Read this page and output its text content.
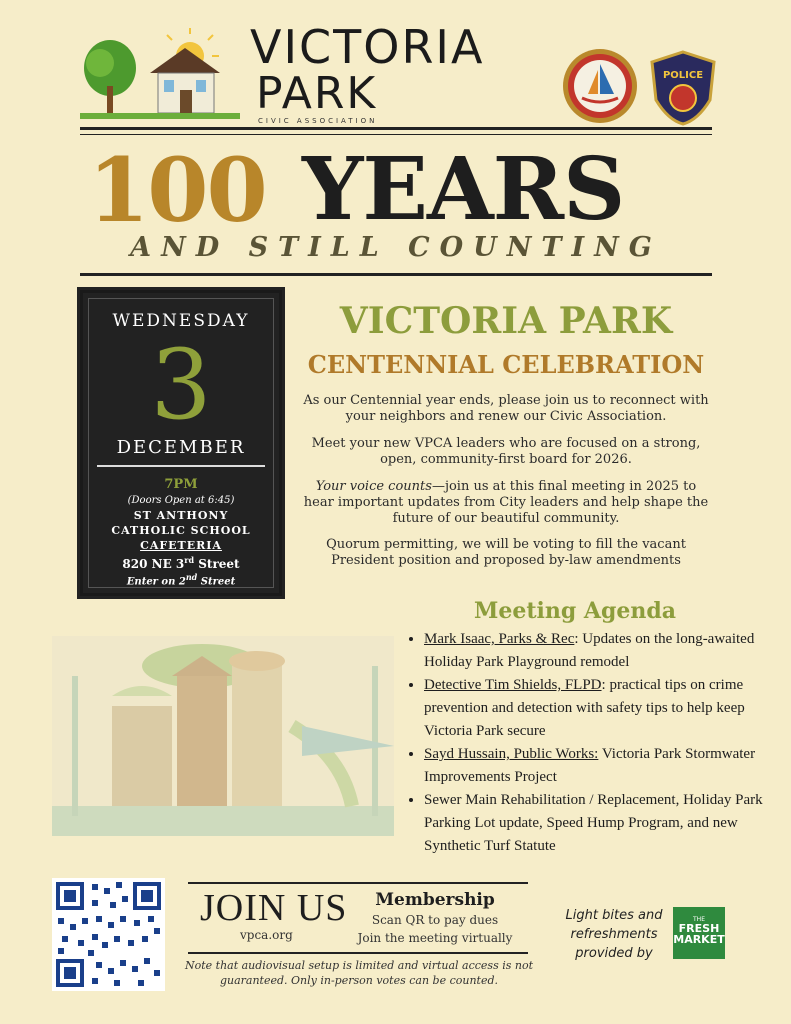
VICTORIA
PARK
CIVIC ASSOCIATION
POLICE
100 YEARS
AND STILL COUNTING
WEDNESDAY
3
DECEMBER
7PM
(Doors Open at 6:45)
ST ANTHONY
CATHOLIC SCHOOL
CAFETERIA
820 NE 3rd Street
Enter on 2nd Street
VICTORIA PARK
CENTENNIAL CELEBRATION
As our Centennial year ends, please join us to reconnect with your neighbors and renew our Civic Association.
Meet your new VPCA leaders who are focused on a strong, open, community-first board for 2026.
Your voice counts—join us at this final meeting in 2025 to hear important updates from City leaders and help shape the future of our beautiful community.
Quorum permitting, we will be voting to fill the vacant President position and proposed by-law amendments
Meeting Agenda
• Mark Isaac, Parks & Rec: Updates on the long-awaited Holiday Park Playground remodel
• Detective Tim Shields, FLPD: practical tips on crime prevention and detection with safety tips to help keep Victoria Park secure
• Sayd Hussain, Public Works: Victoria Park Stormwater Improvements Project
• Sewer Main Rehabilitation / Replacement, Holiday Park Parking Lot update, Speed Hump Program, and new Synthetic Turf Statute
JOIN US
vpca.org
Membership
Scan QR to pay dues
Join the meeting virtually
Note that audiovisual setup is limited and virtual access is not guaranteed. Only in-person votes can be counted.
Light bites and refreshments provided by
THE
FRESH MARKET
